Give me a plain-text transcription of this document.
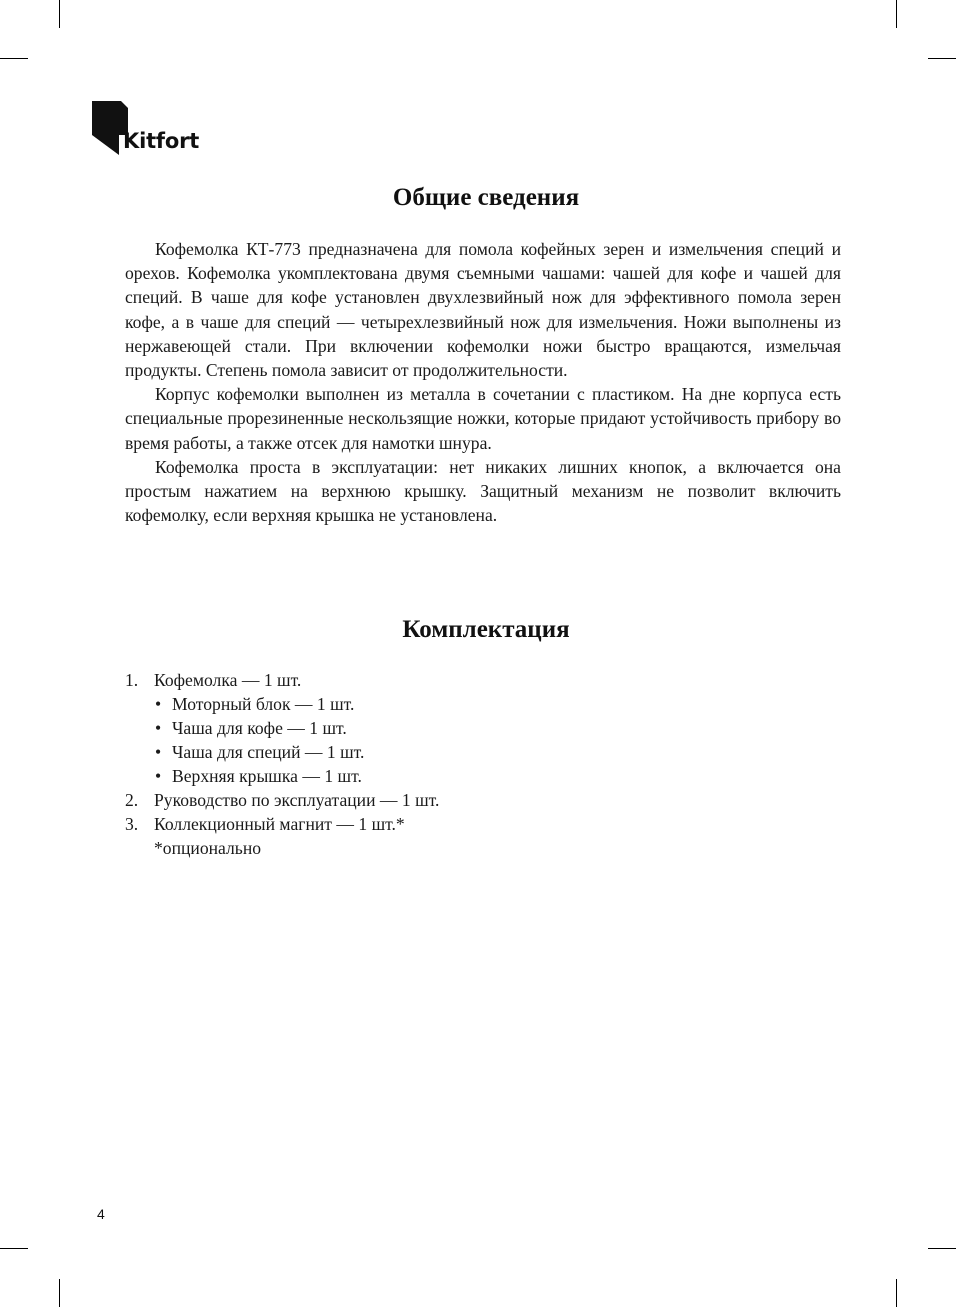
Kitfort
Общие сведения

Кофемолка КТ-773 предназначена для помола кофейных зерен и измельчения специй и орехов. Кофемолка укомплектована двумя съемными чашами: чашей для кофе и чашей для специй. В чаше для кофе установлен двухлезвийный нож для эффективного помола зерен кофе, а в чаше для специй — четырехлезвийный нож для измельчения. Ножи выполнены из нержавеющей стали. При включении кофемолки ножи быстро вращаются, измельчая продукты. Степень помола зависит от продолжительности.

Корпус кофемолки выполнен из металла в сочетании с пластиком. На дне корпуса есть специальные прорезиненные нескользящие ножки, которые придают устойчивость прибору во время работы, а также отсек для намотки шнура.

Кофемолка проста в эксплуатации: нет никаких лишних кнопок, а включается она простым нажатием на верхнюю крышку. Защитный механизм не позволит включить кофемолку, если верхняя крышка не установлена.

Комплектация
1. Кофемолка — 1 шт.
• Моторный блок — 1 шт.
• Чаша для кофе — 1 шт.
• Чаша для специй — 1 шт.
• Верхняя крышка — 1 шт.
2. Руководство по эксплуатации — 1 шт.
3. Коллекционный магнит — 1 шт.*
*опционально
4
